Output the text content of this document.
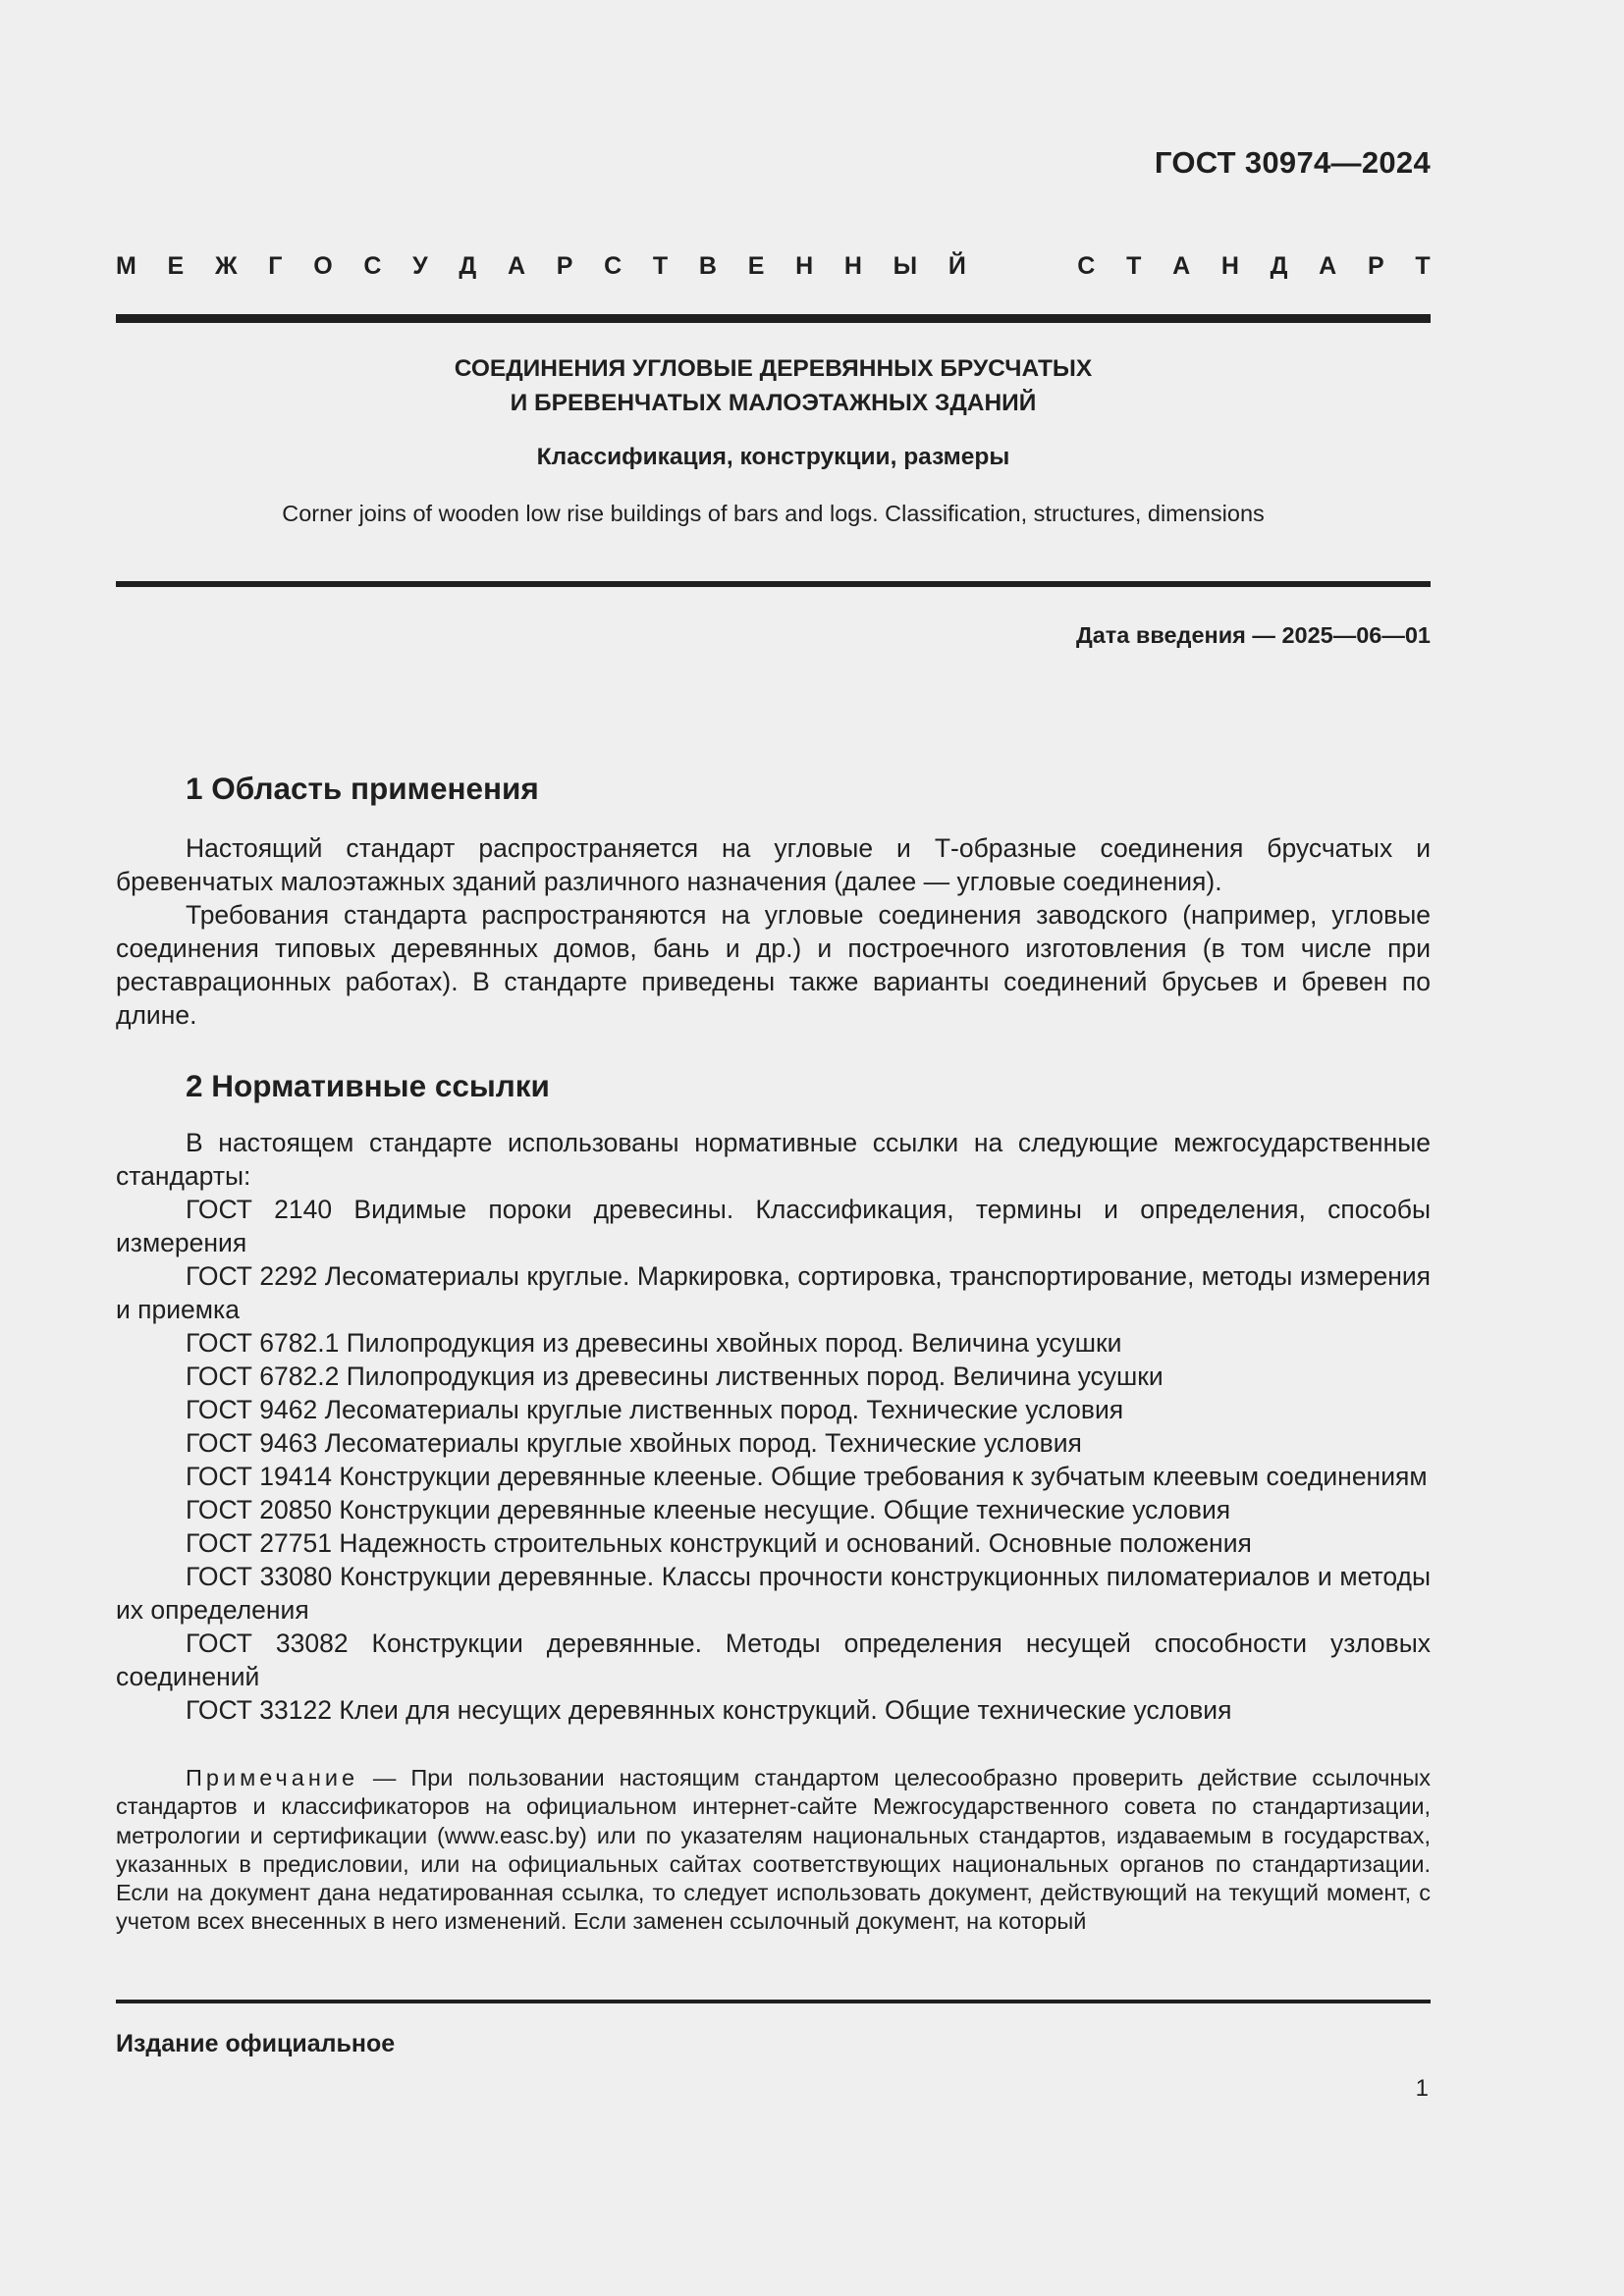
ГОСТ 30974—2024
М Е Ж Г О С У Д А Р С Т В Е Н Н Ы Й	С Т А Н Д А Р Т
СОЕДИНЕНИЯ УГЛОВЫЕ ДЕРЕВЯННЫХ БРУСЧАТЫХ
И БРЕВЕНЧАТЫХ МАЛОЭТАЖНЫХ ЗДАНИЙ
Классификация, конструкции, размеры
Corner joins of wooden low rise buildings of bars and logs. Classification, structures, dimensions
Дата введения — 2025—06—01
1 Область применения

Настоящий стандарт распространяется на угловые и Т-образные соединения брусчатых и бревенчатых малоэтажных зданий различного назначения (далее — угловые соединения).

Требования стандарта распространяются на угловые соединения заводского (например, угловые соединения типовых деревянных домов, бань и др.) и построечного изготовления (в том числе при реставрационных работах). В стандарте приведены также варианты соединений брусьев и бревен по длине.

2 Нормативные ссылки

В настоящем стандарте использованы нормативные ссылки на следующие межгосударственные стандарты:

ГОСТ 2140 Видимые пороки древесины. Классификация, термины и определения, способы измерения

ГОСТ 2292 Лесоматериалы круглые. Маркировка, сортировка, транспортирование, методы измерения и приемка

ГОСТ 6782.1 Пилопродукция из древесины хвойных пород. Величина усушки

ГОСТ 6782.2 Пилопродукция из древесины лиственных пород. Величина усушки

ГОСТ 9462 Лесоматериалы круглые лиственных пород. Технические условия

ГОСТ 9463 Лесоматериалы круглые хвойных пород. Технические условия

ГОСТ 19414 Конструкции деревянные клееные. Общие требования к зубчатым клеевым соединениям

ГОСТ 20850 Конструкции деревянные клееные несущие. Общие технические условия

ГОСТ 27751 Надежность строительных конструкций и оснований. Основные положения

ГОСТ 33080 Конструкции деревянные. Классы прочности конструкционных пиломатериалов и методы их определения

ГОСТ 33082 Конструкции деревянные. Методы определения несущей способности узловых соединений

ГОСТ 33122 Клеи для несущих деревянных конструкций. Общие технические условия

Примечание — При пользовании настоящим стандартом целесообразно проверить действие ссылочных стандартов и классификаторов на официальном интернет-сайте Межгосударственного совета по стандартизации, метрологии и сертификации (www.easc.by) или по указателям национальных стандартов, издаваемым в государствах, указанных в предисловии, или на официальных сайтах соответствующих национальных органов по стандартизации. Если на документ дана недатированная ссылка, то следует использовать документ, действующий на текущий момент, с учетом всех внесенных в него изменений. Если заменен ссылочный документ, на который
Издание официальное
1
